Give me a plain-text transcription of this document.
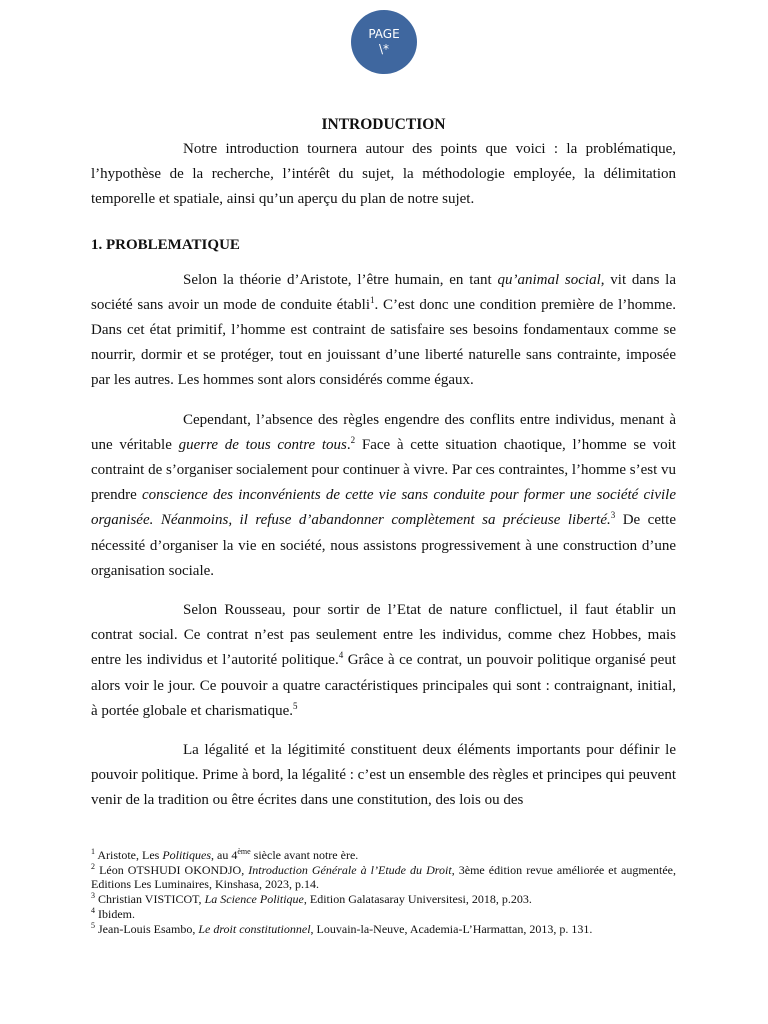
PAGE
\*
INTRODUCTION

Notre introduction tournera autour des points que voici : la problématique, l’hypothèse de la recherche, l’intérêt du sujet, la méthodologie employée, la délimitation temporelle et spatiale, ainsi qu’un aperçu du plan de notre sujet.

1. PROBLEMATIQUE

Selon la théorie d’Aristote, l’être humain, en tant qu’animal social, vit dans la société sans avoir un mode de conduite établi$^1$. C’est donc une condition première de l’homme. Dans cet état primitif, l’homme est contraint de satisfaire ses besoins fondamentaux comme se nourrir, dormir et se protéger, tout en jouissant d’une liberté naturelle sans contrainte, imposée par les autres. Les hommes sont alors considérés comme égaux.

Cependant, l’absence des règles engendre des conflits entre individus, menant à une véritable guerre de tous contre tous.$^2$ Face à cette situation chaotique, l’homme se voit contraint de s’organiser socialement pour continuer à vivre. Par ces contraintes, l’homme s’est vu prendre conscience des inconvénients de cette vie sans conduite pour former une société civile organisée. Néanmoins, il refuse d’abandonner complètement sa précieuse liberté.$^3$ De cette nécessité d’organiser la vie en société, nous assistons progressivement à une construction d’une organisation sociale.

Selon Rousseau, pour sortir de l’Etat de nature conflictuel, il faut établir un contrat social. Ce contrat n’est pas seulement entre les individus, comme chez Hobbes, mais entre les individus et l’autorité politique.$^4$ Grâce à ce contrat, un pouvoir politique organisé peut alors voir le jour. Ce pouvoir a quatre caractéristiques principales qui sont : contraignant, initial, à portée globale et charismatique.$^5$

La légalité et la légitimité constituent deux éléments importants pour définir le pouvoir politique. Prime à bord, la légalité : c’est un ensemble des règles et principes qui peuvent venir de la tradition ou être écrites dans une constitution, des lois ou des

$^1$ Aristote, Les Politiques, au 4ème siècle avant notre ère.

$^2$ Léon OTSHUDI OKONDJO, Introduction Générale à l’Etude du Droit, 3ème édition revue améliorée et augmentée, Editions Les Luminaires, Kinshasa, 2023, p.14.

$^3$ Christian VISTICOT, La Science Politique, Edition Galatasaray Universitesi, 2018, p.203.

$^4$ Ibidem.

$^5$ Jean-Louis Esambo, Le droit constitutionnel, Louvain-la-Neuve, Academia-L’Harmattan, 2013, p. 131.
